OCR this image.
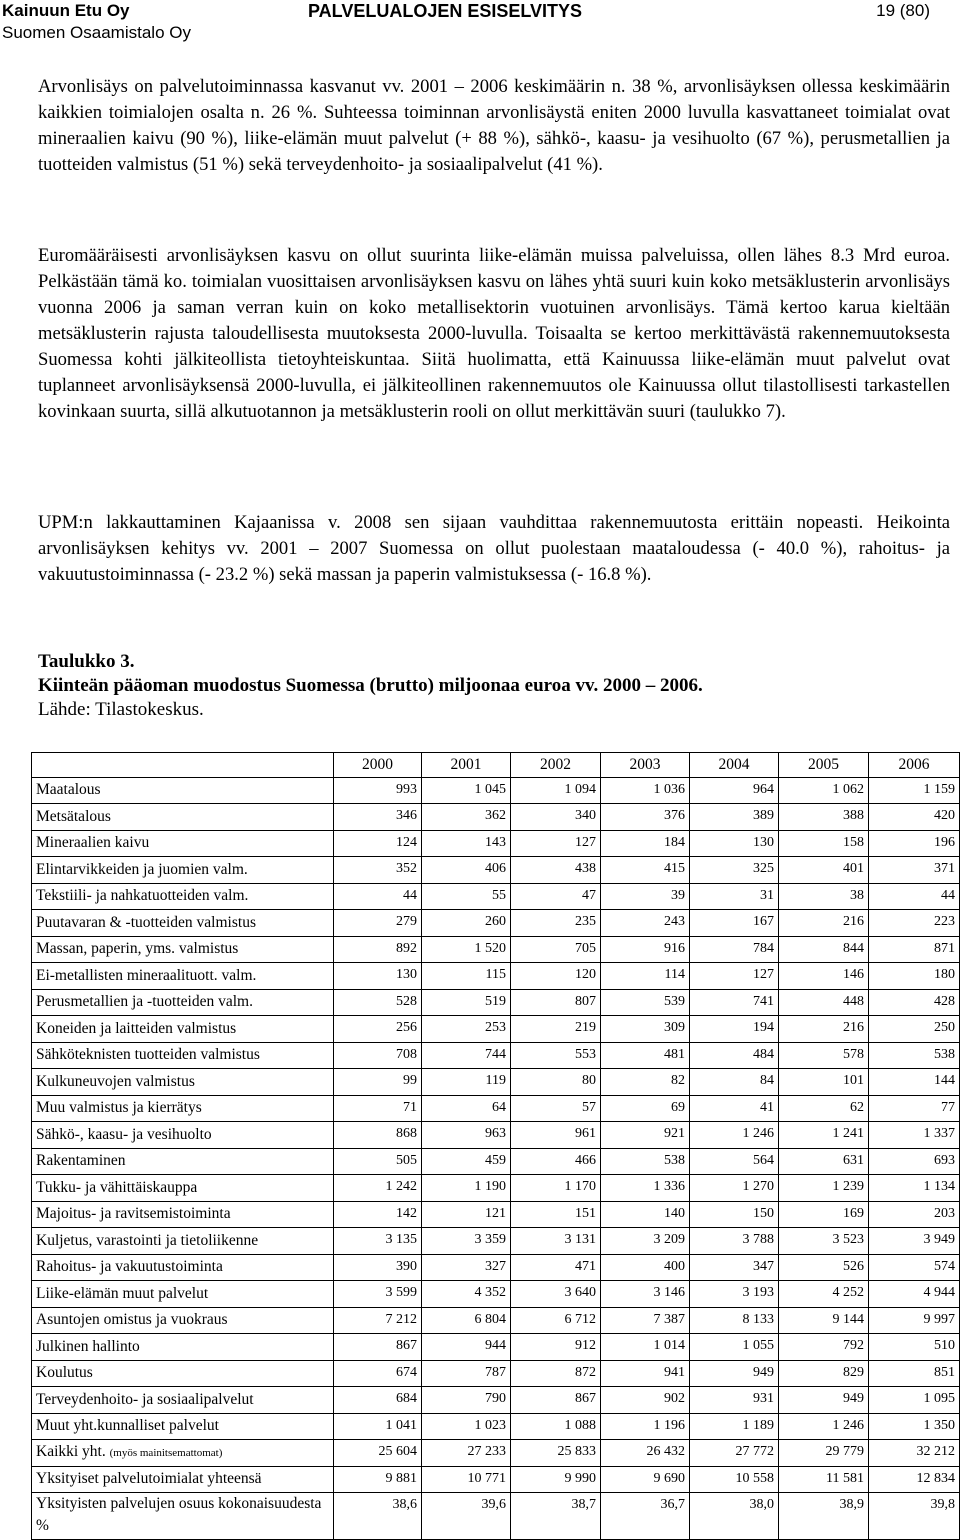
Kainuun Etu Oy
Suomen Osaamistalo Oy
PALVELUALOJEN ESISELVITYS	19 (80)
Arvonlisäys on palvelutoiminnassa kasvanut vv. 2001 – 2006 keskimäärin n. 38 %, arvonlisäyksen ollessa keskimäärin kaikkien toimialojen osalta n. 26 %. Suhteessa toiminnan arvonlisäystä eniten 2000 luvulla kasvattaneet toimialat ovat mineraalien kaivu (90 %), liike-elämän muut palvelut (+ 88 %), sähkö-, kaasu- ja vesihuolto (67 %), perusmetallien ja tuotteiden valmistus (51 %) sekä terveydenhoito- ja sosiaalipalvelut (41 %).
Euromääräisesti arvonlisäyksen kasvu on ollut suurinta liike-elämän muissa palveluissa, ollen lähes 8.3 Mrd euroa. Pelkästään tämä ko. toimialan vuosittaisen arvonlisäyksen kasvu on lähes yhtä suuri kuin koko metsäklusterin arvonlisäys vuonna 2006 ja saman verran kuin on koko metallisektorin vuotuinen arvonlisäys. Tämä kertoo karua kieltään metsäklusterin rajusta taloudellisesta muutoksesta 2000-luvulla. Toisaalta se kertoo merkittävästä rakennemuutoksesta Suomessa kohti jälkiteollista tietoyhteiskuntaa. Siitä huolimatta, että Kainuussa liike-elämän muut palvelut ovat tuplanneet arvonlisäyksensä 2000-luvulla, ei jälkiteollinen rakennemuutos ole Kainuussa ollut tilastollisesti tarkastellen kovinkaan suurta, sillä alkutuotannon ja metsäklusterin rooli on ollut merkittävän suuri (taulukko 7).
UPM:n lakkauttaminen Kajaanissa v. 2008 sen sijaan vauhdittaa rakennemuutosta erittäin nopeasti. Heikointa arvonlisäyksen kehitys vv. 2001 – 2007 Suomessa on ollut puolestaan maataloudessa (- 40.0 %), rahoitus- ja vakuutustoiminnassa (- 23.2 %) sekä massan ja paperin valmistuksessa (- 16.8 %).
Taulukko 3.
Kiinteän pääoman muodostus Suomessa (brutto) miljoonaa euroa vv. 2000 – 2006.
Lähde: Tilastokeskus.
	2000	2001	2002	2003	2004	2005	2006
Maatalous	993	1 045	1 094	1 036	964	1 062	1 159
Metsätalous	346	362	340	376	389	388	420
Mineraalien kaivu	124	143	127	184	130	158	196
Elintarvikkeiden ja juomien valm.	352	406	438	415	325	401	371
Tekstiili- ja nahkatuotteiden valm.	44	55	47	39	31	38	44
Puutavaran & -tuotteiden valmistus	279	260	235	243	167	216	223
Massan, paperin, yms. valmistus	892	1 520	705	916	784	844	871
Ei-metallisten mineraalituott. valm.	130	115	120	114	127	146	180
Perusmetallien ja -tuotteiden valm.	528	519	807	539	741	448	428
Koneiden ja laitteiden valmistus	256	253	219	309	194	216	250
Sähköteknisten tuotteiden valmistus	708	744	553	481	484	578	538
Kulkuneuvojen valmistus	99	119	80	82	84	101	144
Muu valmistus ja kierrätys	71	64	57	69	41	62	77
Sähkö-, kaasu- ja vesihuolto	868	963	961	921	1 246	1 241	1 337
Rakentaminen	505	459	466	538	564	631	693
Tukku- ja vähittäiskauppa	1 242	1 190	1 170	1 336	1 270	1 239	1 134
Majoitus- ja ravitsemistoiminta	142	121	151	140	150	169	203
Kuljetus, varastointi ja tietoliikenne	3 135	3 359	3 131	3 209	3 788	3 523	3 949
Rahoitus- ja vakuutustoiminta	390	327	471	400	347	526	574
Liike-elämän muut palvelut	3 599	4 352	3 640	3 146	3 193	4 252	4 944
Asuntojen omistus ja vuokraus	7 212	6 804	6 712	7 387	8 133	9 144	9 997
Julkinen hallinto	867	944	912	1 014	1 055	792	510
Koulutus	674	787	872	941	949	829	851
Terveydenhoito- ja sosiaalipalvelut	684	790	867	902	931	949	1 095
Muut yht.kunnalliset palvelut	1 041	1 023	1 088	1 196	1 189	1 246	1 350
Kaikki yht. (myös mainitsemattomat)	25 604	27 233	25 833	26 432	27 772	29 779	32 212
Yksityiset palvelutoimialat yhteensä	9 881	10 771	9 990	9 690	10 558	11 581	12 834
Yksityisten palvelujen osuus kokonaisuudesta %	38,6	39,6	38,7	36,7	38,0	38,9	39,8
